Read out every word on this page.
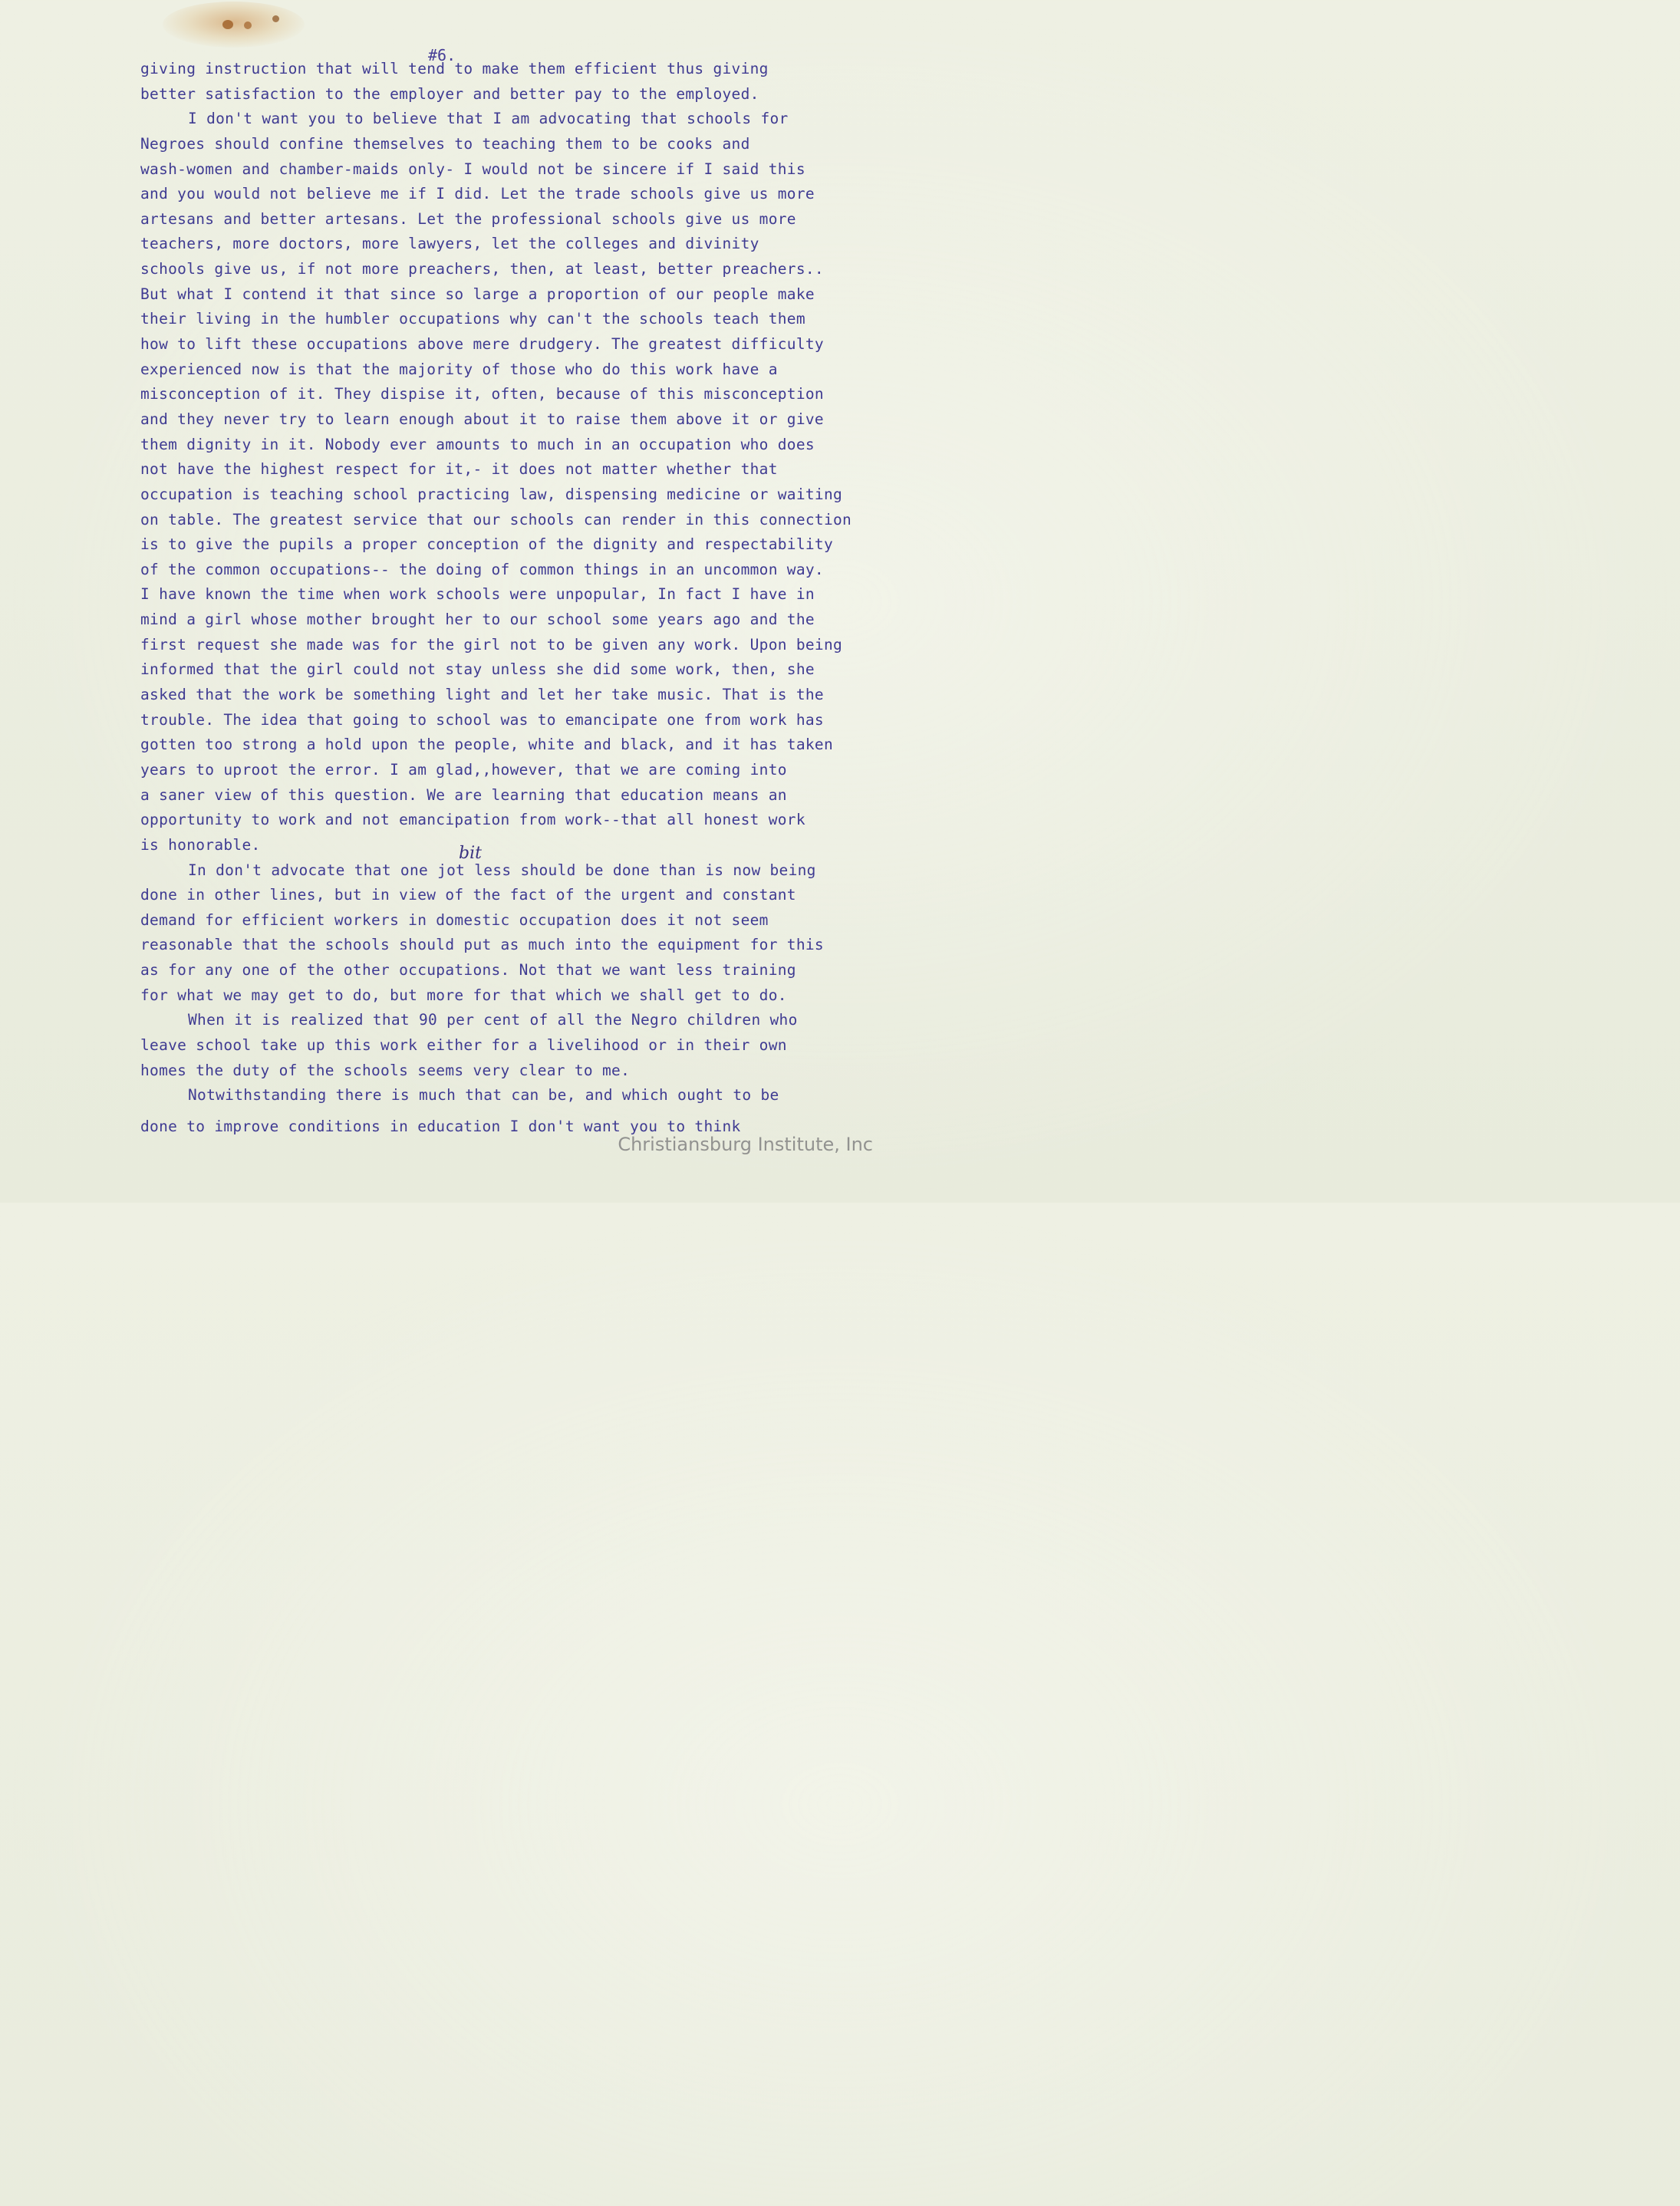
#6.
giving instruction that will tend to make them efficient thus giving
better satisfaction to the employer and better pay to the employed.
I don't want you to believe that I am advocating that schools for
Negroes should confine themselves to teaching them to be cooks and
wash-women and chamber-maids only- I would not be sincere if I said this
and you would not believe me if I did. Let the trade schools give us more
artesans and better artesans. Let the professional schools give us more
teachers, more doctors, more lawyers, let the colleges and divinity
schools give us, if not more preachers, then, at least, better preachers..
But what I contend it that since so large a proportion of our people make
their living in the humbler occupations why can't the schools teach them
how to lift these occupations above mere drudgery. The greatest difficulty
experienced now is that the majority of those who do this work have a
misconception of it. They dispise it, often, because of this misconception
and they never try to learn enough about it to raise them above it or give
them dignity in it. Nobody ever amounts to much in an occupation who does
not have the highest respect for it,- it does not matter whether that
occupation is teaching school practicing law, dispensing medicine or waiting
on table. The greatest service that our schools can render in this connection
is to give the pupils a proper conception of the dignity and respectability
of the common occupations-- the doing of common things in an uncommon way.
I have known the time when work schools were unpopular, In fact I have in
mind a girl whose mother brought her to our school some years ago and the
first request she made was for the girl not to be given any work. Upon being
informed that the girl could not stay unless she did some work, then, she
asked that the work be something light and let her take music. That is the
trouble. The idea that going to school was to emancipate one from work has
gotten too strong a hold upon the people, white and black, and it has taken
years to uproot the error. I am glad,,however, that we are coming into
a saner view of this question. We are learning that education means an
opportunity to work and not emancipation from work--that all honest work
is honorable.
In don't advocate that one jot less should be done than is now being
done in other lines, but in view of the fact of the urgent and constant
demand for efficient workers in domestic occupation does it not seem
reasonable that the schools should put as much into the equipment for this
as for any one of the other occupations. Not that we want less training
for what we may get to do, but more for that which we shall get to do.
When it is realized that 90 per cent of all the Negro children who
leave school take up this work either for a livelihood or in their own
homes the duty of the schools seems very clear to me.
Notwithstanding there is much that can be, and which ought to be
done to improve conditions in education I don't want you to think
bit
Christiansburg Institute, Inc
